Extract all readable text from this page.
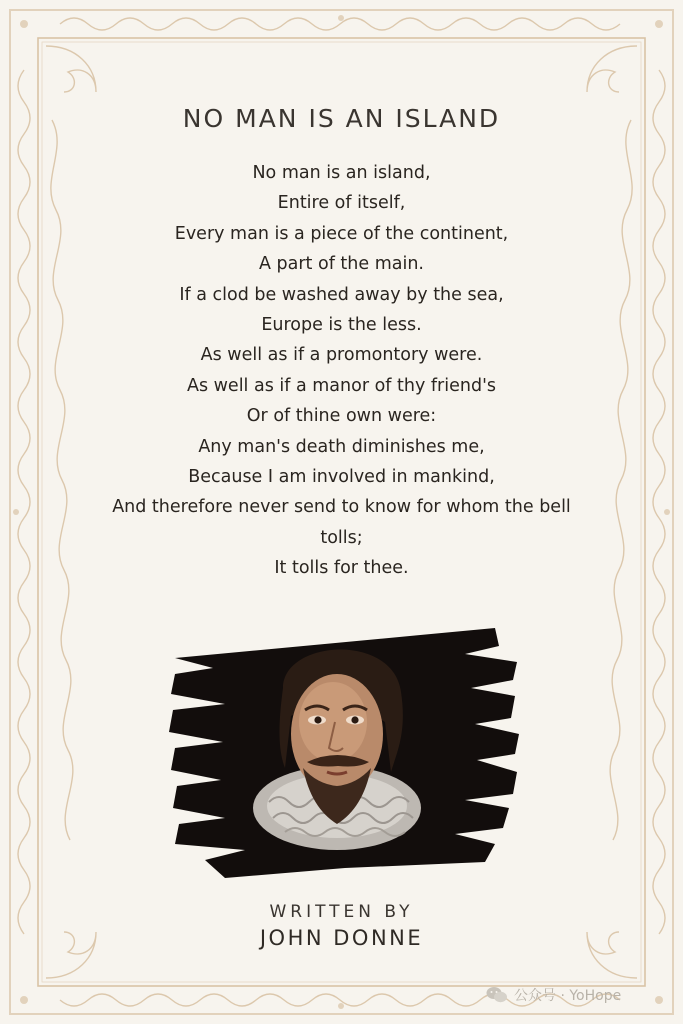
NO MAN IS AN ISLAND
No man is an island,
Entire of itself,
Every man is a piece of the continent,
A part of the main.
If a clod be washed away by the sea,
Europe is the less.
As well as if a promontory were.
As well as if a manor of thy friend's
Or of thine own were:
Any man's death diminishes me,
Because I am involved in mankind,
And therefore never send to know for whom the bell
tolls;
It tolls for thee.
WRITTEN BY
JOHN DONNE
公众号 · YoHope
